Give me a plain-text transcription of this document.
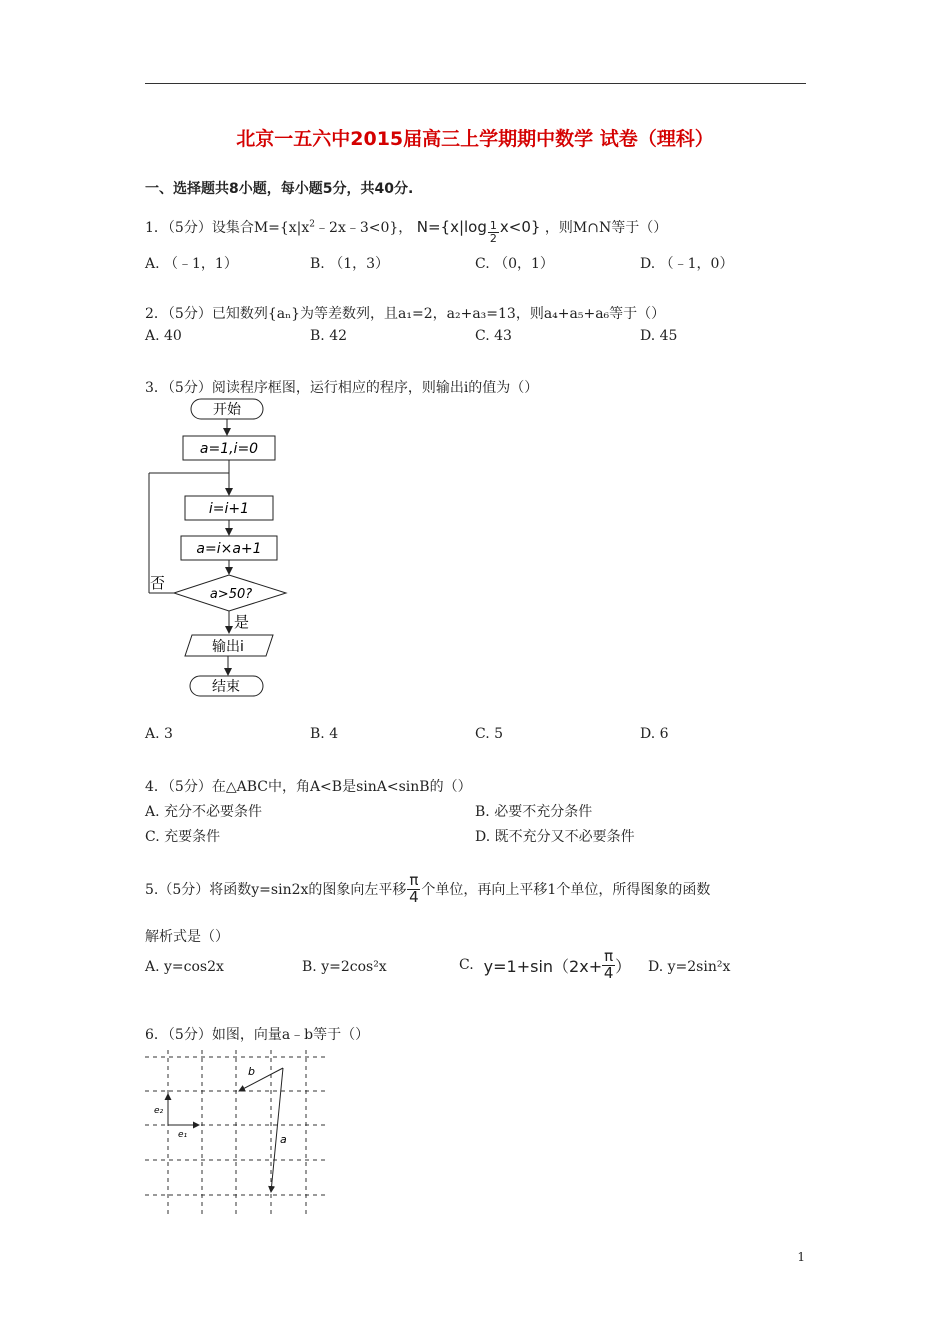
北京一五六中2015届高三上学期期中数学 试卷（理科）
一、选择题共8小题，每小题5分，共40分.
1．（5分）设集合$M=\{x|x^2﹣2x﹣3<0\}$， $N=\{x|\log \frac{1}{2} x<0\}$ ，则M∩N等于（）
A. （﹣1，1）	B. （1，3）	C. （0，1）	D. （﹣1，0）
2．（5分）已知数列{aₙ}为等差数列，且a₁=2，a₂+a₃=13，则a₄+a₅+a₆等于（）
A. 40	B. 42	C. 43	D. 45
3．（5分）阅读程序框图，运行相应的程序，则输出i的值为（）
开始
a=1,i=0
i=i+1
a=i×a+1
a>50?
否
是
输出i
结束
A. 3	B. 4	C. 5	D. 6
4．（5分）在△ABC中，角A<B是sinA<sinB的（）
A. 充分不必要条件	B. 必要不充分条件
C. 充要条件	D. 既不充分又不必要条件
5.（5分）将函数y=sin2x的图象向左平移 $\frac{\pi}{4}$ 个单位，再向上平移1个单位，所得图象的函数
解析式是（）
A. y=cos2x	B. y=2cos²x	C. $y=1+\sin(2x+ \frac{\pi}{4}$ ） D. y=2sin²x
6．（5分）如图，向量a﹣b等于（）
b
a
e₂
e₁
1
